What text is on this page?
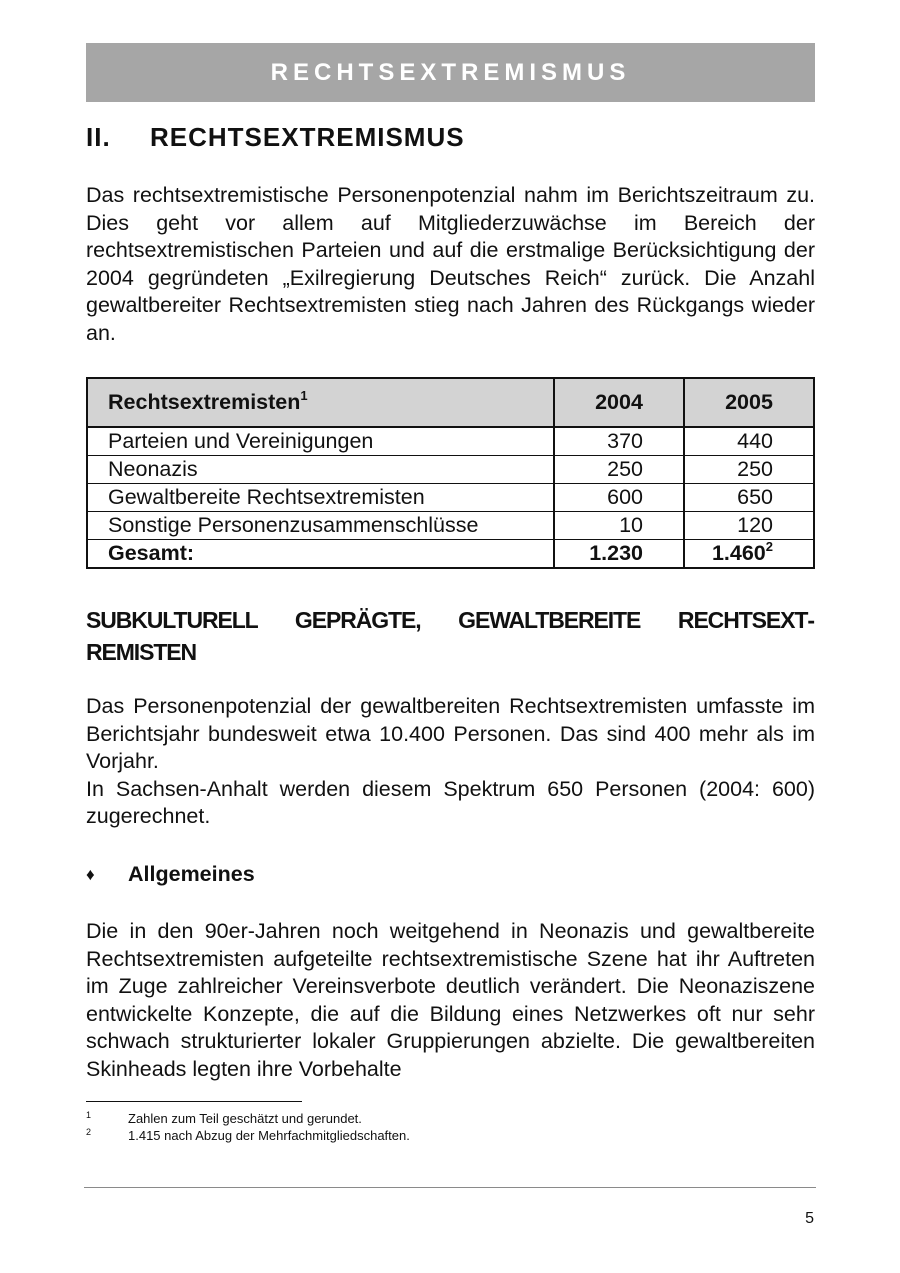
RECHTSEXTREMISMUS
II.	RECHTSEXTREMISMUS

Das rechtsextremistische Personenpotenzial nahm im Berichtszeitraum zu. Dies geht vor allem auf Mitgliederzuwächse im Bereich der rechtsextremistischen Parteien und auf die erstmalige Berücksichtigung der 2004 gegründeten „Exilregierung Deutsches Reich“ zurück. Die Anzahl gewaltbereiter Rechtsextremisten stieg nach Jahren des Rückgangs wieder an.

Rechtsextremisten$^1$	2004	2005
Parteien und Vereinigungen	370	440
Neonazis	250	250
Gewaltbereite Rechtsextremisten	600	650
Sonstige Personenzusammenschlüsse	10	120
Gesamt:	1.230	1.460$^2$

SUBKULTURELL GEPRÄGTE, GEWALTBEREITE RECHTSEXTREMISTEN

Das Personenpotenzial der gewaltbereiten Rechtsextremisten umfasste im Berichtsjahr bundesweit etwa 10.400 Personen. Das sind 400 mehr als im Vorjahr.

In Sachsen-Anhalt werden diesem Spektrum 650 Personen (2004: 600) zugerechnet.

♦	Allgemeines

Die in den 90er-Jahren noch weitgehend in Neonazis und gewaltbereite Rechtsextremisten aufgeteilte rechtsextremistische Szene hat ihr Auftreten im Zuge zahlreicher Vereinsverbote deutlich verändert. Die Neonaziszene entwickelte Konzepte, die auf die Bildung eines Netzwerkes oft nur sehr schwach strukturierter lokaler Gruppierungen abzielte. Die gewaltbereiten Skinheads legten ihre Vorbehalte

1	Zahlen zum Teil geschätzt und gerundet.
2	1.415 nach Abzug der Mehrfachmitgliedschaften.
5
